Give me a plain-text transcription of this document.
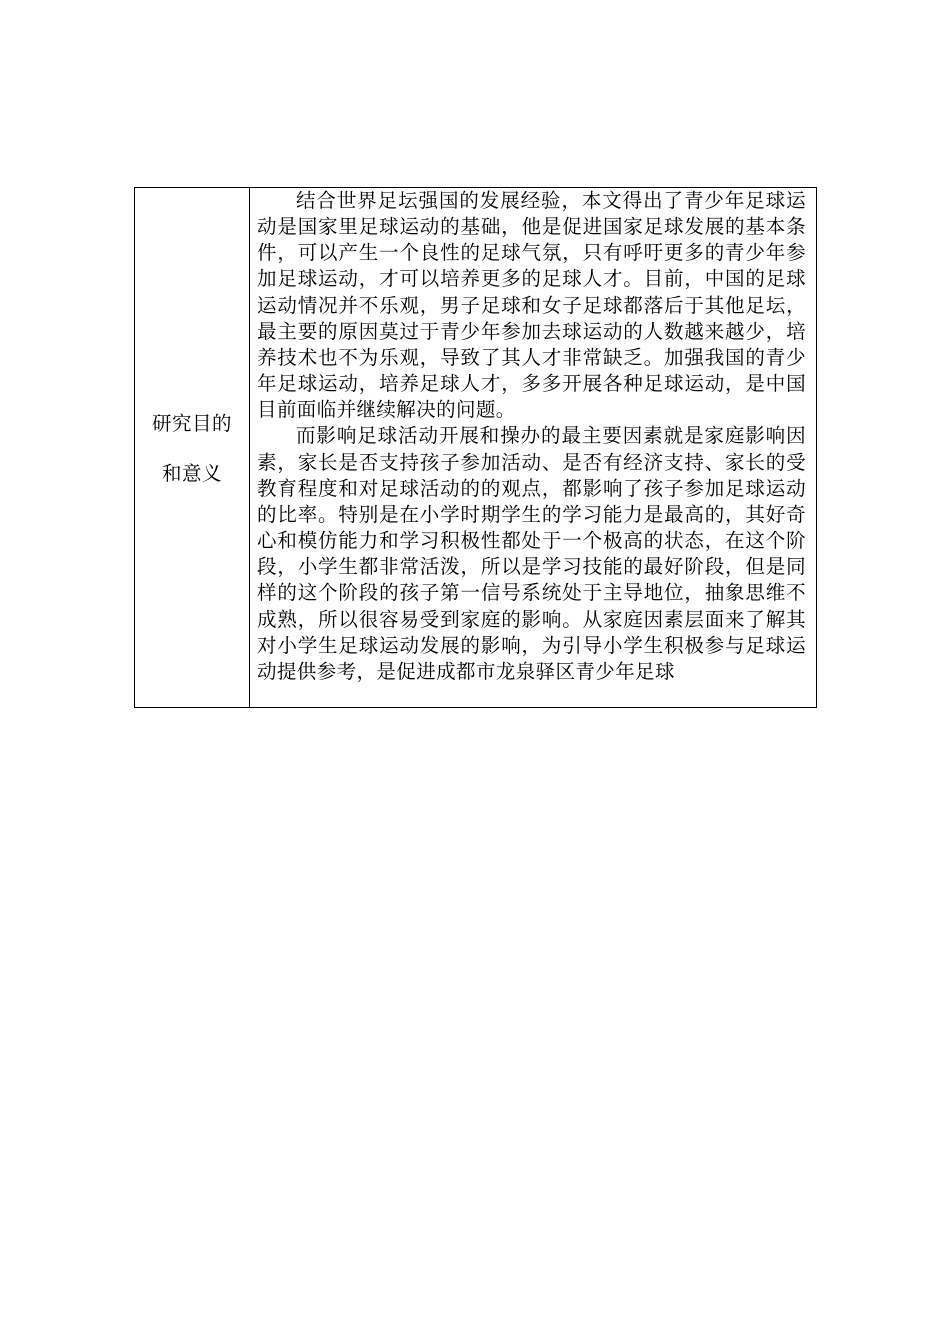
研究目的
和意义

结合世界足坛强国的发展经验，本文得出了青少年足球运动是国家里足球运动的基础，他是促进国家足球发展的基本条件，可以产生一个良性的足球气氛，只有呼吁更多的青少年参加足球运动，才可以培养更多的足球人才。目前，中国的足球运动情况并不乐观，男子足球和女子足球都落后于其他足坛，最主要的原因莫过于青少年参加去球运动的人数越来越少，培养技术也不为乐观，导致了其人才非常缺乏。加强我国的青少年足球运动，培养足球人才，多多开展各种足球运动，是中国目前面临并继续解决的问题。

而影响足球活动开展和操办的最主要因素就是家庭影响因素，家长是否支持孩子参加活动、是否有经济支持、家长的受教育程度和对足球活动的的观点，都影响了孩子参加足球运动的比率。特别是在小学时期学生的学习能力是最高的，其好奇心和模仿能力和学习积极性都处于一个极高的状态，在这个阶段，小学生都非常活泼，所以是学习技能的最好阶段，但是同样的这个阶段的孩子第一信号系统处于主导地位，抽象思维不成熟，所以很容易受到家庭的影响。从家庭因素层面来了解其对小学生足球运动发展的影响，为引导小学生积极参与足球运动提供参考，是促进成都市龙泉驿区青少年足球
